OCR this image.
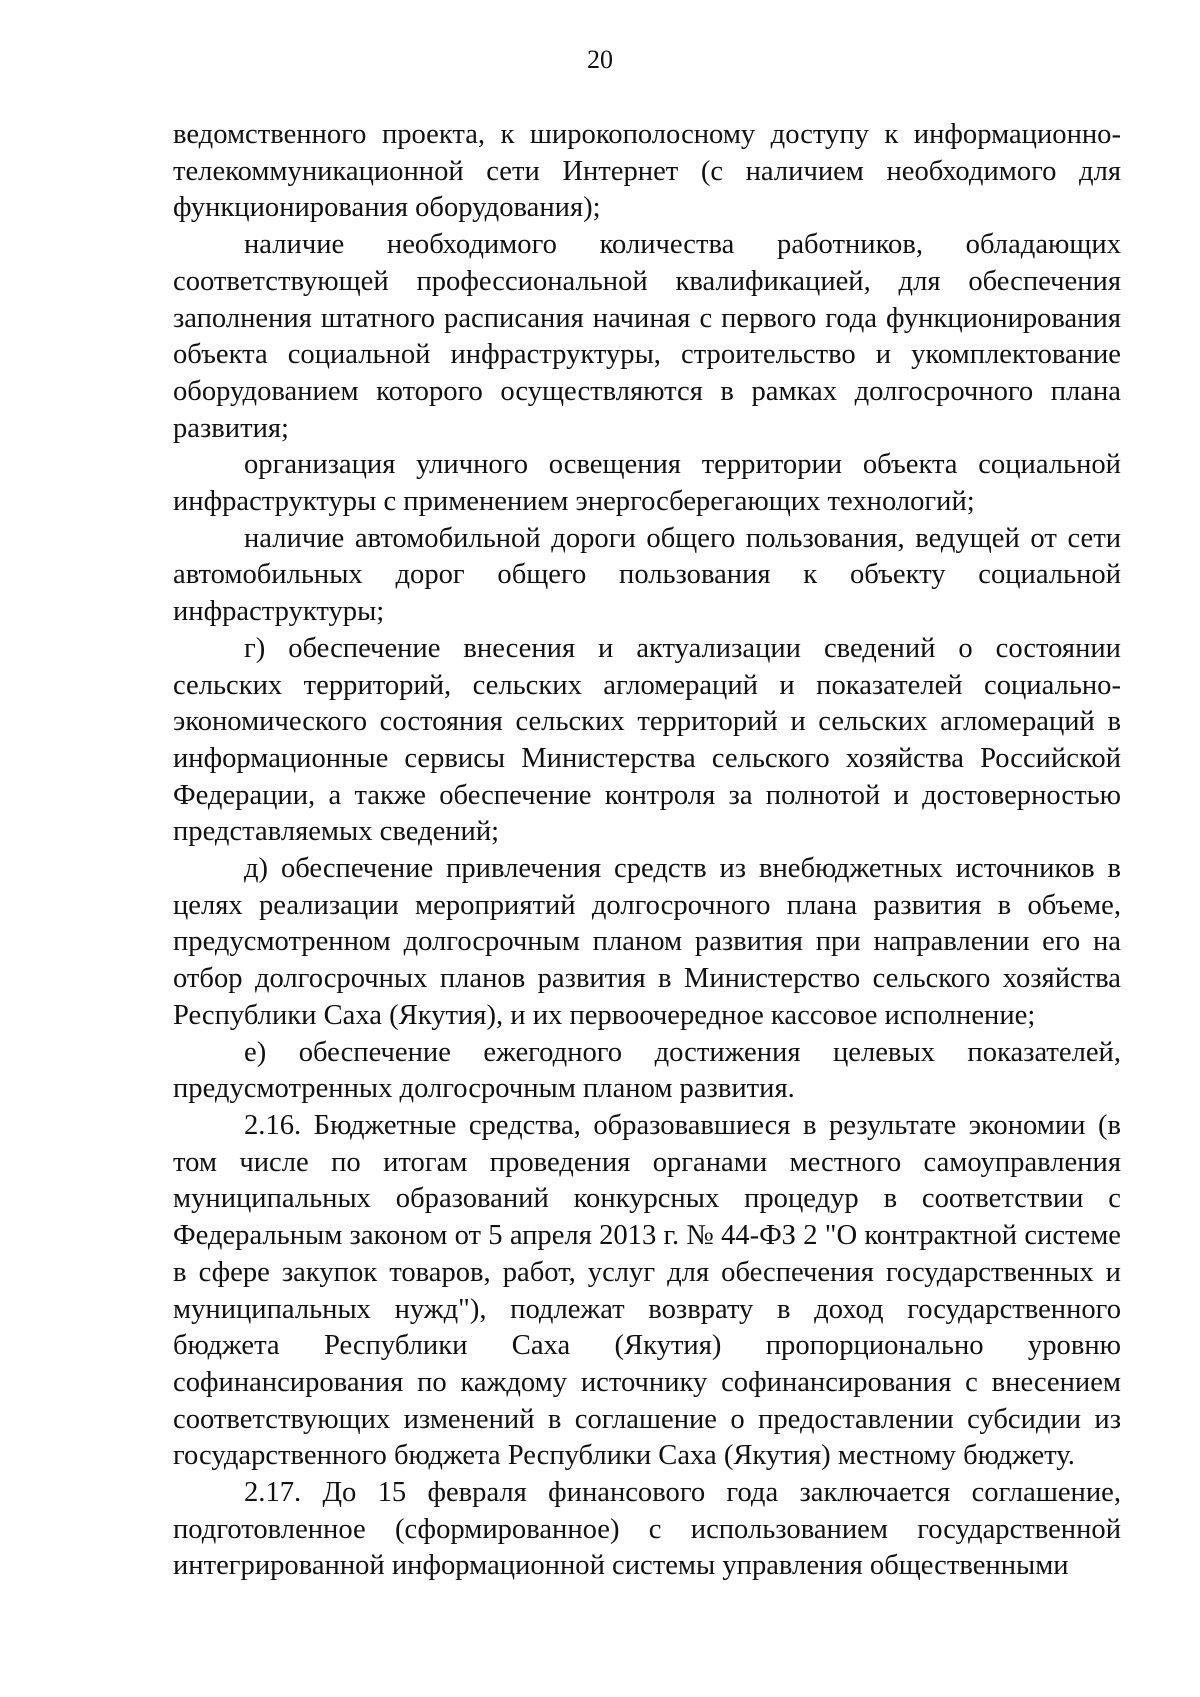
20

ведомственного проекта, к широкополосному доступу к информационно-телекоммуникационной сети Интернет (с наличием необходимого для функционирования оборудования);

наличие необходимого количества работников, обладающих соответствующей профессиональной квалификацией, для обеспечения заполнения штатного расписания начиная с первого года функционирования объекта социальной инфраструктуры, строительство и укомплектование оборудованием которого осуществляются в рамках долгосрочного плана развития;

организация уличного освещения территории объекта социальной инфраструктуры с применением энергосберегающих технологий;

наличие автомобильной дороги общего пользования, ведущей от сети автомобильных дорог общего пользования к объекту социальной инфраструктуры;

г) обеспечение внесения и актуализации сведений о состоянии сельских территорий, сельских агломераций и показателей социально-экономического состояния сельских территорий и сельских агломераций в информационные сервисы Министерства сельского хозяйства Российской Федерации, а также обеспечение контроля за полнотой и достоверностью представляемых сведений;

д) обеспечение привлечения средств из внебюджетных источников в целях реализации мероприятий долгосрочного плана развития в объеме, предусмотренном долгосрочным планом развития при направлении его на отбор долгосрочных планов развития в Министерство сельского хозяйства Республики Саха (Якутия), и их первоочередное кассовое исполнение;

е) обеспечение ежегодного достижения целевых показателей, предусмотренных долгосрочным планом развития.

2.16. Бюджетные средства, образовавшиеся в результате экономии (в том числе по итогам проведения органами местного самоуправления муниципальных образований конкурсных процедур в соответствии с Федеральным законом от 5 апреля 2013 г. № 44-ФЗ 2 "О контрактной системе в сфере закупок товаров, работ, услуг для обеспечения государственных и муниципальных нужд"), подлежат возврату в доход государственного бюджета Республики Саха (Якутия) пропорционально уровню софинансирования по каждому источнику софинансирования с внесением соответствующих изменений в соглашение о предоставлении субсидии из государственного бюджета Республики Саха (Якутия) местному бюджету.

2.17. До 15 февраля финансового года заключается соглашение, подготовленное (сформированное) с использованием государственной интегрированной информационной системы управления общественными
